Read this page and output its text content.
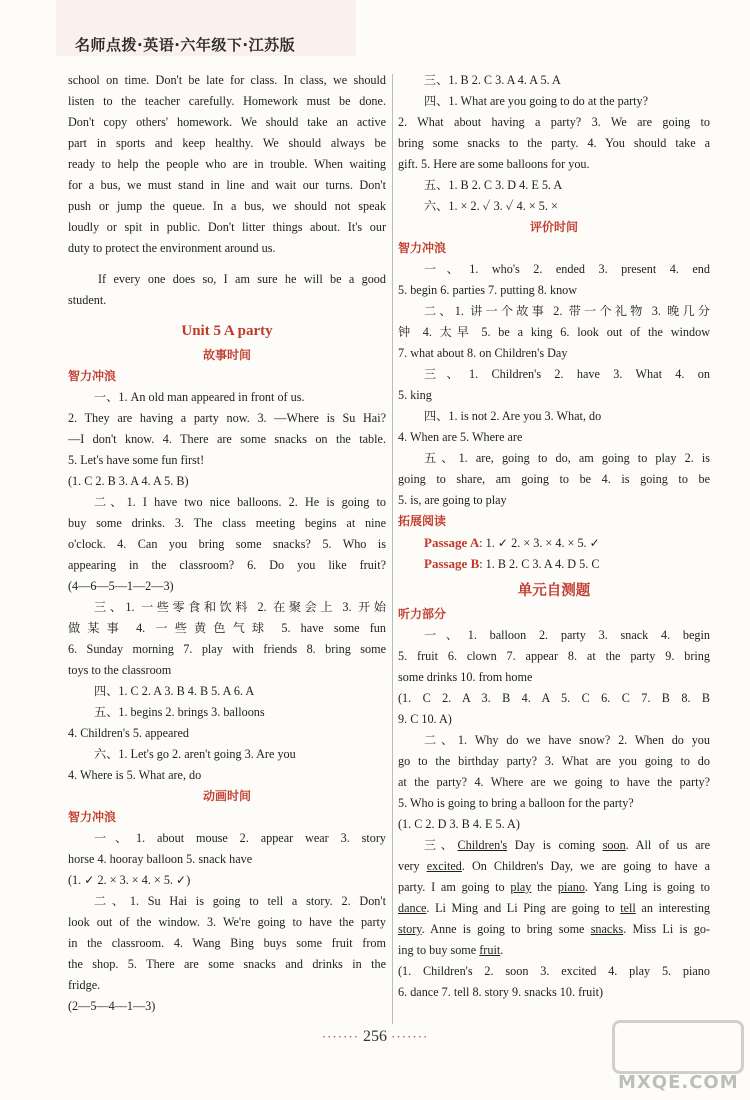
名师点拨·英语·六年级下·江苏版
school on time. Don't be late for class. In class, we should
listen to the teacher carefully. Homework must be done.
Don't copy others' homework. We should take an active
part in sports and keep healthy. We should always be
ready to help the people who are in trouble. When waiting
for a bus, we must stand in line and wait our turns. Don't
push or jump the queue. In a bus, we should not speak
loudly or spit in public. Don't litter things about. It's our
duty to protect the environment around us.
If every one does so, I am sure he will be a good
student.
Unit 5 A party
故事时间
智力冲浪
一、1. An old man appeared in front of us.
2. They are having a party now. 3. —Where is Su Hai?
—I don't know. 4. There are some snacks on the table.
5. Let's have some fun first!
(1. C 2. B 3. A 4. A 5. B)
二、1. I have two nice balloons. 2. He is going to
buy some drinks. 3. The class meeting begins at nine
o'clock. 4. Can you bring some snacks? 5. Who is
appearing in the classroom? 6. Do you like fruit?
(4—6—5—1—2—3)
三、1. 一些零食和饮料 2. 在聚会上 3. 开始
做某事 4. 一些黄色气球 5. have some fun
6. Sunday morning 7. play with friends 8. bring some
toys to the classroom
四、1. C 2. A 3. B 4. B 5. A 6. A
五、1. begins 2. brings 3. balloons
4. Children's 5. appeared
六、1. Let's go 2. aren't going 3. Are you
4. Where is 5. What are, do
动画时间
智力冲浪
一、1. about mouse 2. appear wear 3. story
horse 4. hooray balloon 5. snack have
(1. ✓ 2. × 3. × 4. × 5. ✓)
二、1. Su Hai is going to tell a story. 2. Don't
look out of the window. 3. We're going to have the party
in the classroom. 4. Wang Bing buys some fruit from
the shop. 5. There are some snacks and drinks in the
fridge.
(2—5—4—1—3)
三、1. B 2. C 3. A 4. A 5. A
四、1. What are you going to do at the party?
2. What about having a party? 3. We are going to
bring some snacks to the party. 4. You should take a
gift. 5. Here are some balloons for you.
五、1. B 2. C 3. D 4. E 5. A
六、1. × 2. ✓ 3. ✓ 4. × 5. ×
评价时间
智力冲浪
一、1. who's 2. ended 3. present 4. end
5. begin 6. parties 7. putting 8. know
二、1. 讲一个故事 2. 带一个礼物 3. 晚几分
钟 4. 太早 5. be a king 6. look out of the window
7. what about 8. on Children's Day
三、1. Children's 2. have 3. What 4. on
5. king
四、1. is not 2. Are you 3. What, do
4. When are 5. Where are
五、1. are, going to do, am going to play 2. is
going to share, am going to be 4. is going to be
5. is, are going to play
拓展阅读
Passage A: 1. ✓ 2. × 3. × 4. × 5. ✓
Passage B: 1. B 2. C 3. A 4. D 5. C
单元自测题
听力部分
一、1. balloon 2. party 3. snack 4. begin
5. fruit 6. clown 7. appear 8. at the party 9. bring
some drinks 10. from home
(1. C 2. A 3. B 4. A 5. C 6. C 7. B 8. B
9. C 10. A)
二、1. Why do we have snow? 2. When do you
go to the birthday party? 3. What are you going to do
at the party? 4. Where are we going to have the party?
5. Who is going to bring a balloon for the party?
(1. C 2. D 3. B 4. E 5. A)
三、Children's Day is coming soon. All of us are
very excited. On Children's Day, we are going to have a
party. I am going to play the piano. Yang Ling is going to
dance. Li Ming and Li Ping are going to tell an interesting
story. Anne is going to bring some snacks. Miss Li is go-
ing to buy some fruit.
(1. Children's 2. soon 3. excited 4. play 5. piano
6. dance 7. tell 8. story 9. snacks 10. fruit)
······· 256 ·······
MXQE.COM
